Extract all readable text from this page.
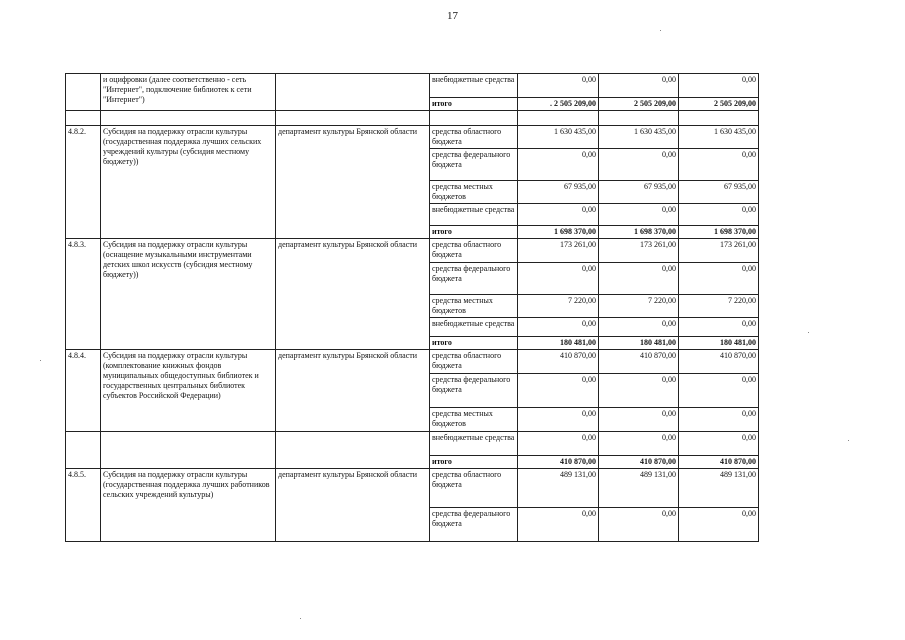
17
	и оцифровки (далее соответственно - сеть "Интернет", подключение библиотек к сети "Интернет")		внебюджетные средства	0,00	0,00	0,00
			итого	. 2 505 209,00	2 505 209,00	2 505 209,00

4.8.2.	Субсидия на поддержку отрасли культуры (государственная поддержка лучших сельских учреждений культуры (субсидия местному бюджету))	департамент культуры Брянской области	средства областного бюджета	1 630 435,00	1 630 435,00	1 630 435,00
			средства федерального бюджета	0,00	0,00	0,00
			средства местных бюджетов	67 935,00	67 935,00	67 935,00
			внебюджетные средства	0,00	0,00	0,00
			итого	1 698 370,00	1 698 370,00	1 698 370,00
4.8.3.	Субсидия на поддержку отрасли культуры (оснащение музыкальными инструментами детских школ искусств (субсидия местному бюджету))	департамент культуры Брянской области	средства областного бюджета	173 261,00	173 261,00	173 261,00
			средства федерального бюджета	0,00	0,00	0,00
			средства местных бюджетов	7 220,00	7 220,00	7 220,00
			внебюджетные средства	0,00	0,00	0,00
			итого	180 481,00	180 481,00	180 481,00
4.8.4.	Субсидия на поддержку отрасли культуры (комплектование книжных фондов муниципальных общедоступных библиотек и государственных центральных библиотек субъектов Российской Федерации)	департамент культуры Брянской области	средства областного бюджета	410 870,00	410 870,00	410 870,00
			средства федерального бюджета	0,00	0,00	0,00
			средства местных бюджетов	0,00	0,00	0,00
			внебюджетные средства	0,00	0,00	0,00
			итого	410 870,00	410 870,00	410 870,00
4.8.5.	Субсидия на поддержку отрасли культуры (государственная поддержка лучших работников сельских учреждений культуры)	департамент культуры Брянской области	средства областного бюджета	489 131,00	489 131,00	489 131,00
			средства федерального бюджета	0,00	0,00	0,00
